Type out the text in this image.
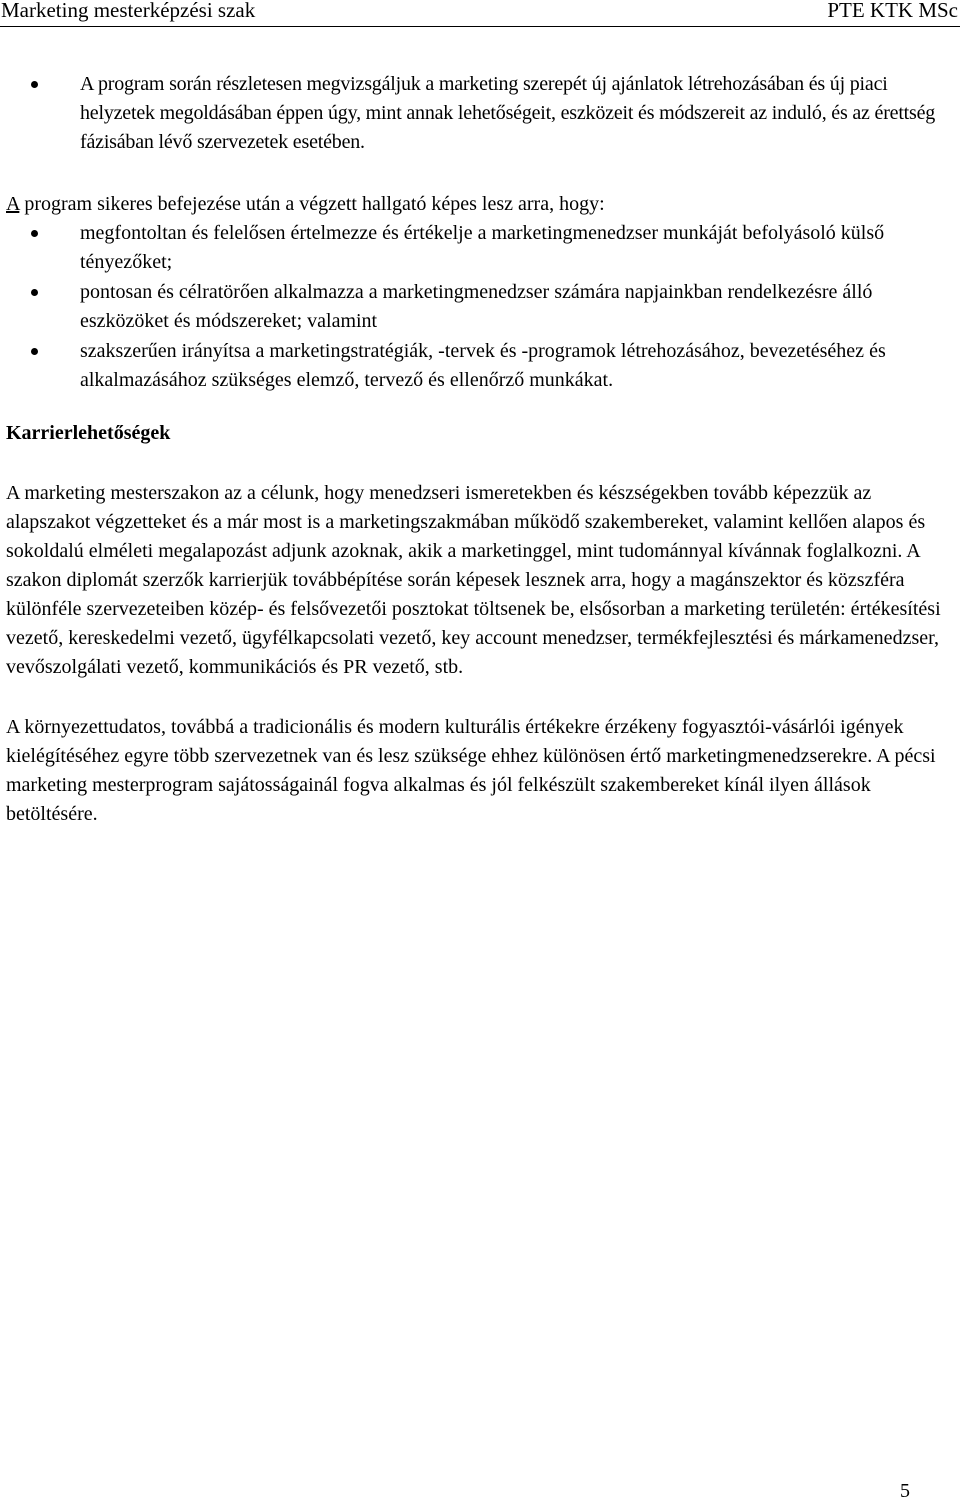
Marketing mesterképzési szak	PTE KTK MSc
A program során részletesen megvizsgáljuk a marketing szerepét új ajánlatok létrehozásában és új piaci helyzetek megoldásában éppen úgy, mint annak lehetőségeit, eszközeit és módszereit az induló, és az érettség fázisában lévő szervezetek esetében.

A program sikeres befejezése után a végzett hallgató képes lesz arra, hogy:

megfontoltan és felelősen értelmezze és értékelje a marketingmenedzser munkáját befolyásoló külső tényezőket;
pontosan és célratörően alkalmazza a marketingmenedzser számára napjainkban rendelkezésre álló eszközöket és módszereket; valamint
szakszerűen irányítsa a marketingstratégiák, -tervek és -programok létrehozásához, bevezetéséhez és alkalmazásához szükséges elemző, tervező és ellenőrző munkákat.

Karrierlehetőségek

A marketing mesterszakon az a célunk, hogy menedzseri ismeretekben és készségekben tovább képezzük az alapszakot végzetteket és a már most is a marketingszakmában működő szakembereket, valamint kellően alapos és sokoldalú elméleti megalapozást adjunk azoknak, akik a marketinggel, mint tudománnyal kívánnak foglalkozni. A szakon diplomát szerzők karrierjük továbbépítése során képesek lesznek arra, hogy a magánszektor és közszféra különféle szervezeteiben közép- és felsővezetői posztokat töltsenek be, elsősorban a marketing területén: értékesítési vezető, kereskedelmi vezető, ügyfélkapcsolati vezető, key account menedzser, termékfejlesztési és márkamenedzser, vevőszolgálati vezető, kommunikációs és PR vezető, stb.

A környezettudatos, továbbá a tradicionális és modern kulturális értékekre érzékeny fogyasztói-vásárlói igények kielégítéséhez egyre több szervezetnek van és lesz szüksége ehhez különösen értő marketingmenedzserekre. A pécsi marketing mesterprogram sajátosságainál fogva alkalmas és jól felkészült szakembereket kínál ilyen állások betöltésére.

5
